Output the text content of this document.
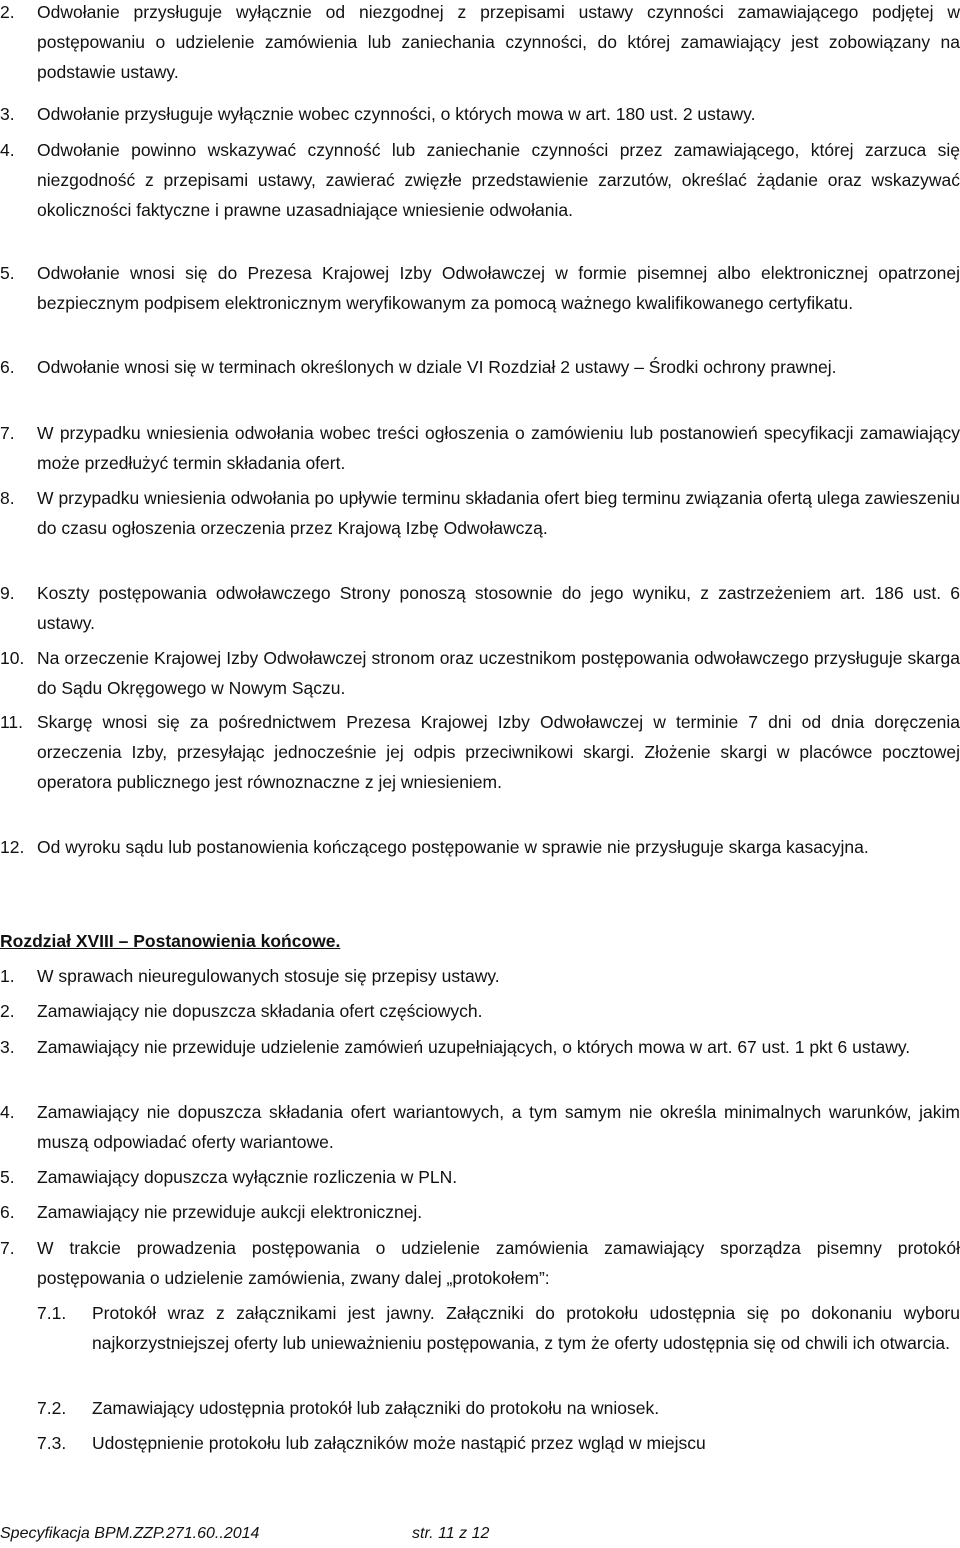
2. Odwołanie przysługuje wyłącznie od niezgodnej z przepisami ustawy czynności zamawiającego podjętej w postępowaniu o udzielenie zamówienia lub zaniechania czynności, do której zamawiający jest zobowiązany na podstawie ustawy.
3. Odwołanie przysługuje wyłącznie wobec czynności, o których mowa w art. 180 ust. 2 ustawy.
4. Odwołanie powinno wskazywać czynność lub zaniechanie czynności przez zamawiającego, której zarzuca się niezgodność z przepisami ustawy, zawierać zwięzłe przedstawienie zarzutów, określać żądanie oraz wskazywać okoliczności faktyczne i prawne uzasadniające wniesienie odwołania.
5. Odwołanie wnosi się do Prezesa Krajowej Izby Odwoławczej w formie pisemnej albo elektronicznej opatrzonej bezpiecznym podpisem elektronicznym weryfikowanym za pomocą ważnego kwalifikowanego certyfikatu.
6. Odwołanie wnosi się w terminach określonych w dziale VI Rozdział 2 ustawy – Środki ochrony prawnej.
7. W przypadku wniesienia odwołania wobec treści ogłoszenia o zamówieniu lub postanowień specyfikacji zamawiający może przedłużyć termin składania ofert.
8. W przypadku wniesienia odwołania po upływie terminu składania ofert bieg terminu związania ofertą ulega zawieszeniu do czasu ogłoszenia orzeczenia przez Krajową Izbę Odwoławczą.
9. Koszty postępowania odwoławczego Strony ponoszą stosownie do jego wyniku, z zastrzeżeniem art. 186 ust. 6 ustawy.
10. Na orzeczenie Krajowej Izby Odwoławczej stronom oraz uczestnikom postępowania odwoławczego przysługuje skarga do Sądu Okręgowego w Nowym Sączu.
11. Skargę wnosi się za pośrednictwem Prezesa Krajowej Izby Odwoławczej w terminie 7 dni od dnia doręczenia orzeczenia Izby, przesyłając jednocześnie jej odpis przeciwnikowi skargi. Złożenie skargi w placówce pocztowej operatora publicznego jest równoznaczne z jej wniesieniem.
12. Od wyroku sądu lub postanowienia kończącego postępowanie w sprawie nie przysługuje skarga kasacyjna.
Rozdział XVIII – Postanowienia końcowe.
1. W sprawach nieuregulowanych stosuje się przepisy ustawy.
2. Zamawiający nie dopuszcza składania ofert częściowych.
3. Zamawiający nie przewiduje udzielenie zamówień uzupełniających, o których mowa w art. 67 ust. 1 pkt 6 ustawy.
4. Zamawiający nie dopuszcza składania ofert wariantowych, a tym samym nie określa minimalnych warunków, jakim muszą odpowiadać oferty wariantowe.
5. Zamawiający dopuszcza wyłącznie rozliczenia w PLN.
6. Zamawiający nie przewiduje aukcji elektronicznej.
7. W trakcie prowadzenia postępowania o udzielenie zamówienia zamawiający sporządza pisemny protokół postępowania o udzielenie zamówienia, zwany dalej „protokołem”:
7.1. Protokół wraz z załącznikami jest jawny. Załączniki do protokołu udostępnia się po dokonaniu wyboru najkorzystniejszej oferty lub unieważnieniu postępowania, z tym że oferty udostępnia się od chwili ich otwarcia.
7.2. Zamawiający udostępnia protokół lub załączniki do protokołu na wniosek.
7.3. Udostępnienie protokołu lub załączników może nastąpić przez wgląd w miejscu
Specyfikacja BPM.ZZP.271.60..2014	str. 11 z 12
